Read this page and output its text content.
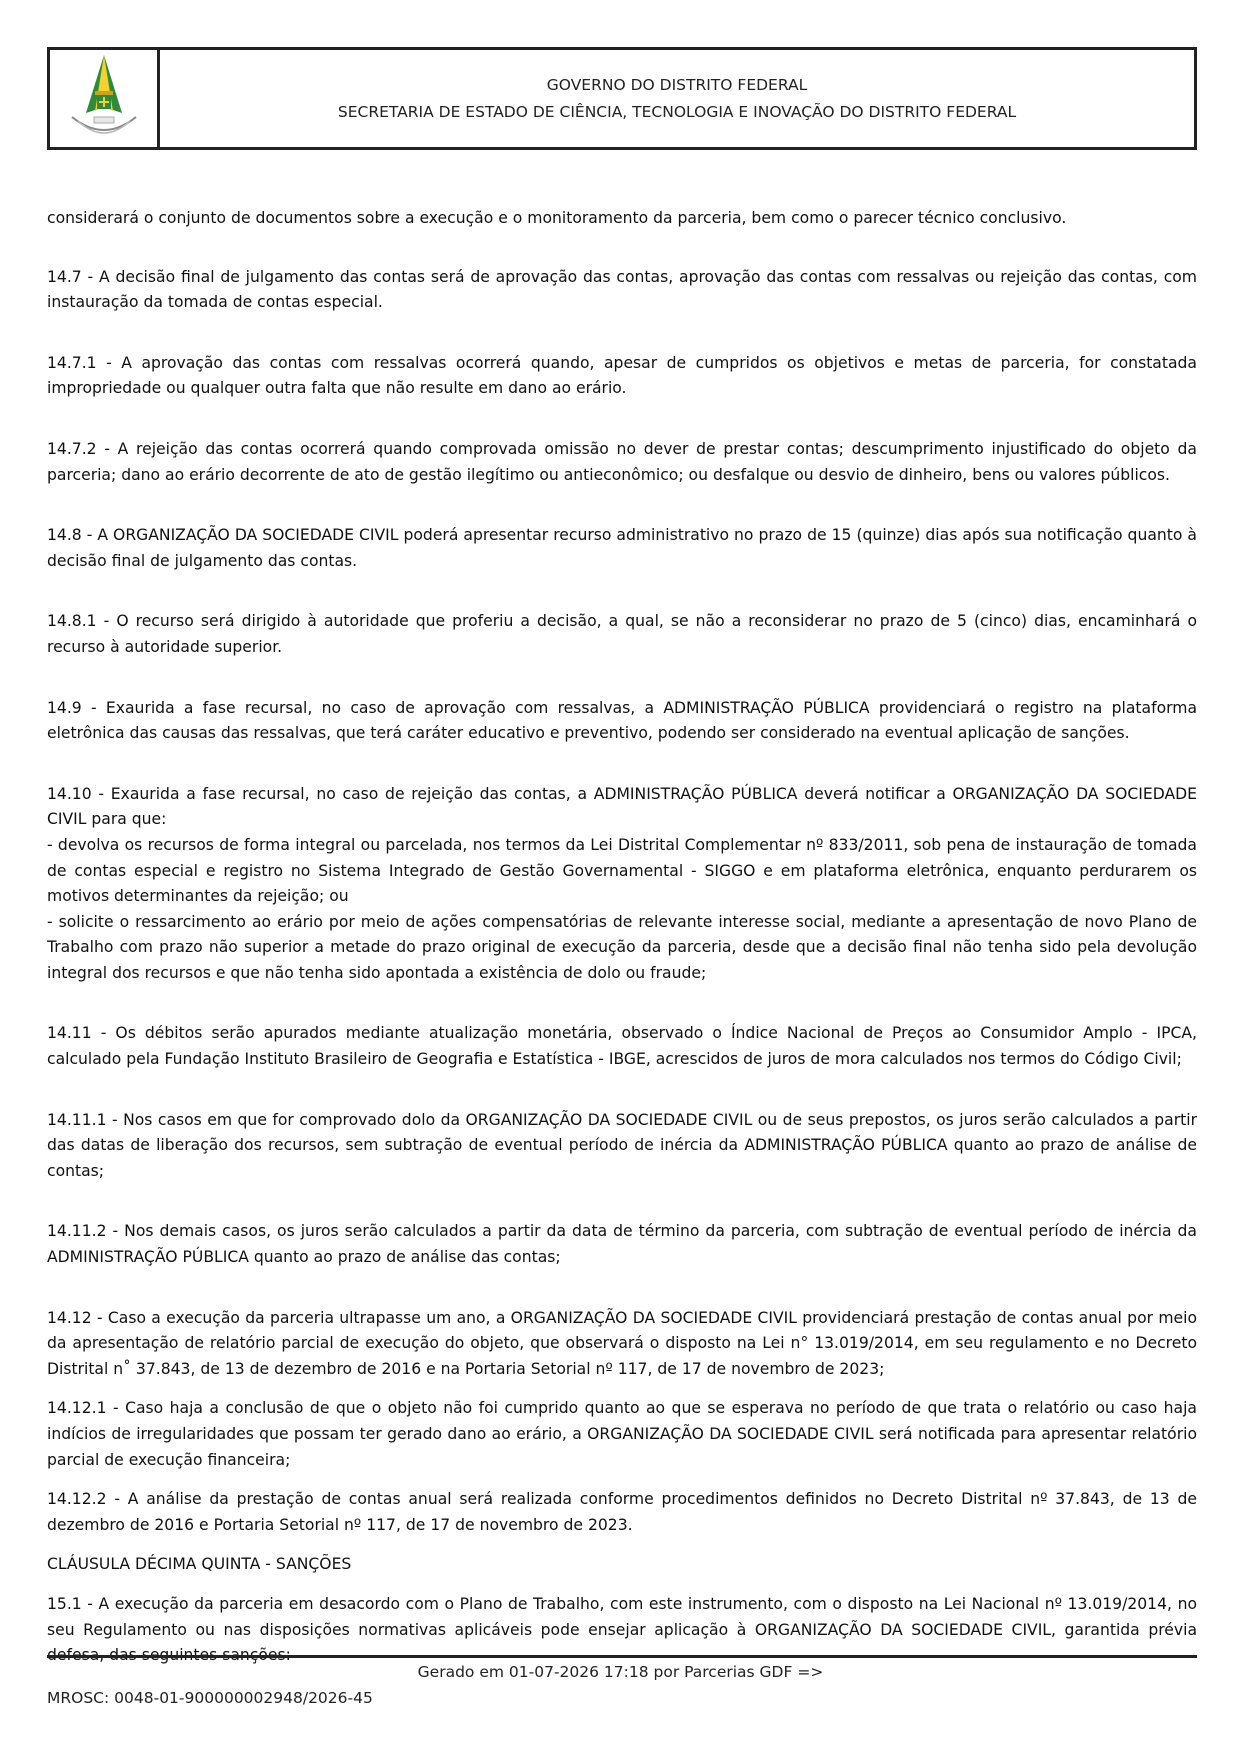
GOVERNO DO DISTRITO FEDERAL
SECRETARIA DE ESTADO DE CIÊNCIA, TECNOLOGIA E INOVAÇÃO DO DISTRITO FEDERAL

considerará o conjunto de documentos sobre a execução e o monitoramento da parceria, bem como o parecer técnico conclusivo.

14.7 - A decisão final de julgamento das contas será de aprovação das contas, aprovação das contas com ressalvas ou rejeição das contas, com instauração da tomada de contas especial.

14.7.1 - A aprovação das contas com ressalvas ocorrerá quando, apesar de cumpridos os objetivos e metas de parceria, for constatada impropriedade ou qualquer outra falta que não resulte em dano ao erário.

14.7.2 - A rejeição das contas ocorrerá quando comprovada omissão no dever de prestar contas; descumprimento injustificado do objeto da parceria; dano ao erário decorrente de ato de gestão ilegítimo ou antieconômico; ou desfalque ou desvio de dinheiro, bens ou valores públicos.

14.8 - A ORGANIZAÇÃO DA SOCIEDADE CIVIL poderá apresentar recurso administrativo no prazo de 15 (quinze) dias após sua notificação quanto à decisão final de julgamento das contas.

14.8.1 - O recurso será dirigido à autoridade que proferiu a decisão, a qual, se não a reconsiderar no prazo de 5 (cinco) dias, encaminhará o recurso à autoridade superior.

14.9 - Exaurida a fase recursal, no caso de aprovação com ressalvas, a ADMINISTRAÇÃO PÚBLICA providenciará o registro na plataforma eletrônica das causas das ressalvas, que terá caráter educativo e preventivo, podendo ser considerado na eventual aplicação de sanções.

14.10 - Exaurida a fase recursal, no caso de rejeição das contas, a ADMINISTRAÇÃO PÚBLICA deverá notificar a ORGANIZAÇÃO DA SOCIEDADE CIVIL para que:

- devolva os recursos de forma integral ou parcelada, nos termos da Lei Distrital Complementar nº 833/2011, sob pena de instauração de tomada de contas especial e registro no Sistema Integrado de Gestão Governamental - SIGGO e em plataforma eletrônica, enquanto perdurarem os motivos determinantes da rejeição; ou

- solicite o ressarcimento ao erário por meio de ações compensatórias de relevante interesse social, mediante a apresentação de novo Plano de Trabalho com prazo não superior a metade do prazo original de execução da parceria, desde que a decisão final não tenha sido pela devolução integral dos recursos e que não tenha sido apontada a existência de dolo ou fraude;

14.11 - Os débitos serão apurados mediante atualização monetária, observado o Índice Nacional de Preços ao Consumidor Amplo - IPCA, calculado pela Fundação Instituto Brasileiro de Geografia e Estatística - IBGE, acrescidos de juros de mora calculados nos termos do Código Civil;

14.11.1 - Nos casos em que for comprovado dolo da ORGANIZAÇÃO DA SOCIEDADE CIVIL ou de seus prepostos, os juros serão calculados a partir das datas de liberação dos recursos, sem subtração de eventual período de inércia da ADMINISTRAÇÃO PÚBLICA quanto ao prazo de análise de contas;

14.11.2 - Nos demais casos, os juros serão calculados a partir da data de término da parceria, com subtração de eventual período de inércia da ADMINISTRAÇÃO PÚBLICA quanto ao prazo de análise das contas;

14.12 - Caso a execução da parceria ultrapasse um ano, a ORGANIZAÇÃO DA SOCIEDADE CIVIL providenciará prestação de contas anual por meio da apresentação de relatório parcial de execução do objeto, que observará o disposto na Lei n° 13.019/2014, em seu regulamento e no Decreto Distrital n˚ 37.843, de 13 de dezembro de 2016 e na Portaria Setorial nº 117, de 17 de novembro de 2023;

14.12.1 - Caso haja a conclusão de que o objeto não foi cumprido quanto ao que se esperava no período de que trata o relatório ou caso haja indícios de irregularidades que possam ter gerado dano ao erário, a ORGANIZAÇÃO DA SOCIEDADE CIVIL será notificada para apresentar relatório parcial de execução financeira;

14.12.2 - A análise da prestação de contas anual será realizada conforme procedimentos definidos no Decreto Distrital nº 37.843, de 13 de dezembro de 2016 e Portaria Setorial nº 117, de 17 de novembro de 2023.

CLÁUSULA DÉCIMA QUINTA - SANÇÕES

15.1 - A execução da parceria em desacordo com o Plano de Trabalho, com este instrumento, com o disposto na Lei Nacional nº 13.019/2014, no seu Regulamento ou nas disposições normativas aplicáveis pode ensejar aplicação à ORGANIZAÇÃO DA SOCIEDADE CIVIL, garantida prévia

Gerado em 01-07-2026 17:18 por Parcerias GDF =>
MROSC: 0048-01-900000002948/2026-45
